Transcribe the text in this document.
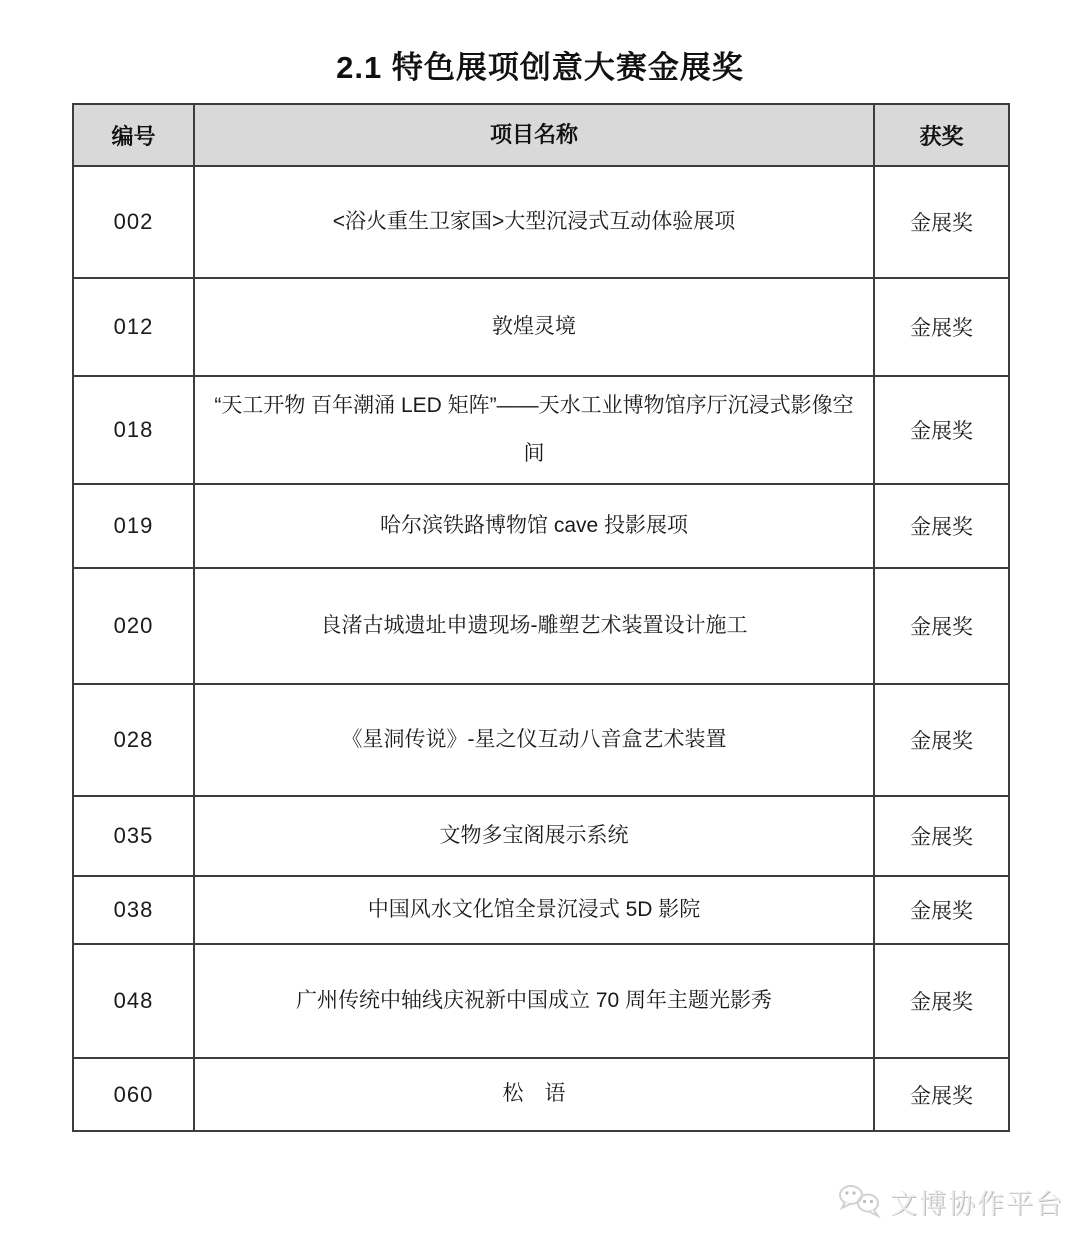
2.1 特色展项创意大赛金展奖
编号	项目名称	获奖
002	<浴火重生卫家国>大型沉浸式互动体验展项	金展奖
012	敦煌灵境	金展奖
018	“天工开物 百年潮涌 LED 矩阵”——天水工业博物馆序厅沉浸式影像空间	金展奖
019	哈尔滨铁路博物馆 cave 投影展项	金展奖
020	良渚古城遗址申遗现场-雕塑艺术装置设计施工	金展奖
028	《星洞传说》-星之仪互动八音盒艺术装置	金展奖
035	文物多宝阁展示系统	金展奖
038	中国风水文化馆全景沉浸式 5D 影院	金展奖
048	广州传统中轴线庆祝新中国成立 70 周年主题光影秀	金展奖
060	松　语	金展奖
文博协作平台
